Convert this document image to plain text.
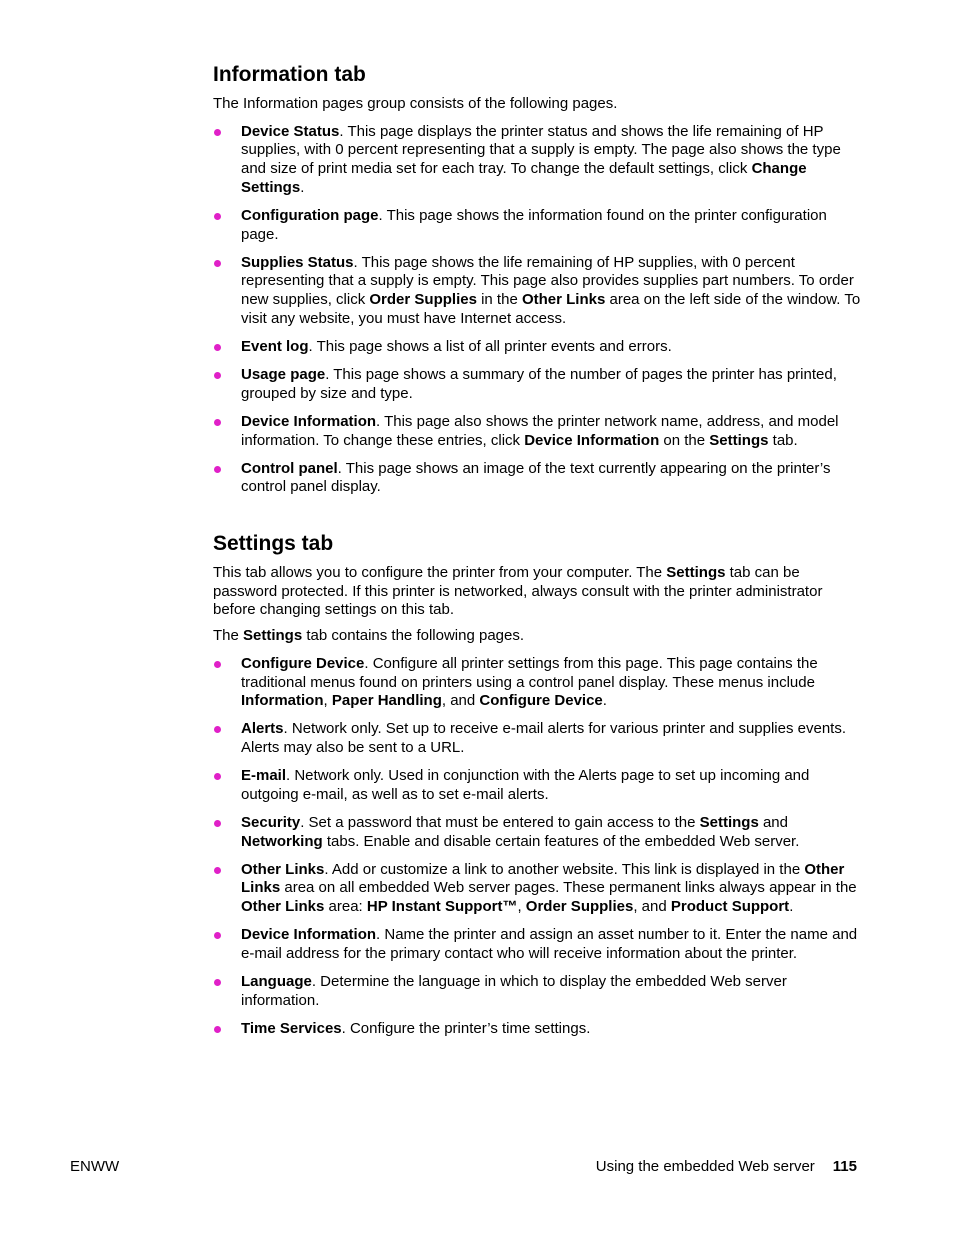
Information tab

The Information pages group consists of the following pages.

Device Status. This page displays the printer status and shows the life remaining of HP supplies, with 0 percent representing that a supply is empty. The page also shows the type and size of print media set for each tray. To change the default settings, click Change Settings.
Configuration page. This page shows the information found on the printer configuration page.
Supplies Status. This page shows the life remaining of HP supplies, with 0 percent representing that a supply is empty. This page also provides supplies part numbers. To order new supplies, click Order Supplies in the Other Links area on the left side of the window. To visit any website, you must have Internet access.
Event log. This page shows a list of all printer events and errors.
Usage page. This page shows a summary of the number of pages the printer has printed, grouped by size and type.
Device Information. This page also shows the printer network name, address, and model information. To change these entries, click Device Information on the Settings tab.
Control panel. This page shows an image of the text currently appearing on the printer’s control panel display.
Settings tab

This tab allows you to configure the printer from your computer. The Settings tab can be password protected. If this printer is networked, always consult with the printer administrator before changing settings on this tab.

The Settings tab contains the following pages.

Configure Device. Configure all printer settings from this page. This page contains the traditional menus found on printers using a control panel display. These menus include Information, Paper Handling, and Configure Device.
Alerts. Network only. Set up to receive e-mail alerts for various printer and supplies events. Alerts may also be sent to a URL.
E-mail. Network only. Used in conjunction with the Alerts page to set up incoming and outgoing e-mail, as well as to set e-mail alerts.
Security. Set a password that must be entered to gain access to the Settings and Networking tabs. Enable and disable certain features of the embedded Web server.
Other Links. Add or customize a link to another website. This link is displayed in the Other Links area on all embedded Web server pages. These permanent links always appear in the Other Links area: HP Instant Support™, Order Supplies, and Product Support.
Device Information. Name the printer and assign an asset number to it. Enter the name and e-mail address for the primary contact who will receive information about the printer.
Language. Determine the language in which to display the embedded Web server information.
Time Services. Configure the printer’s time settings.
ENWW	Using the embedded Web server 115
